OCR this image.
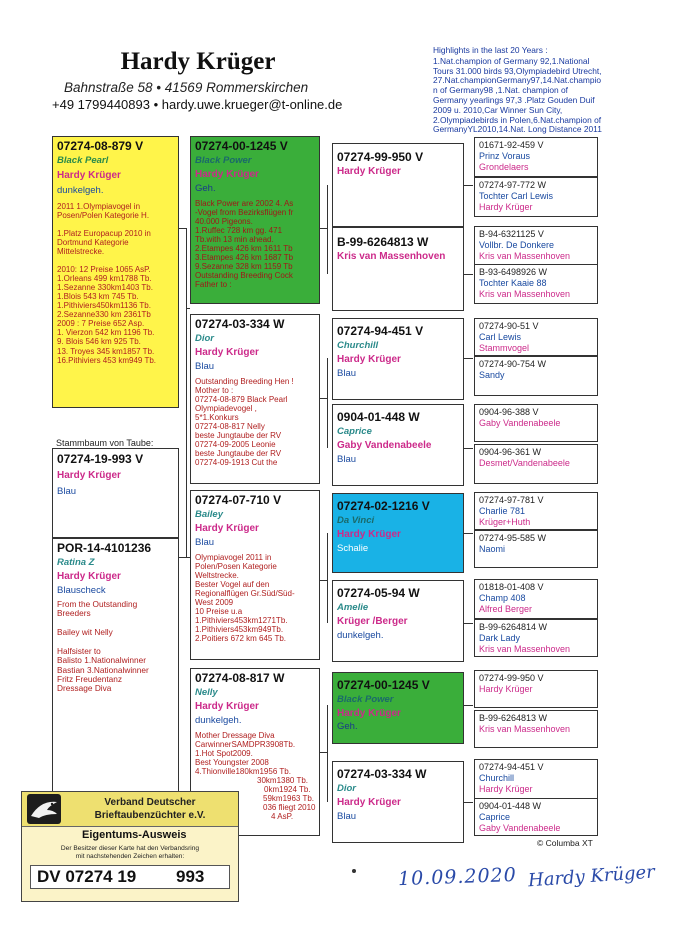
Hardy Krüger
Bahnstraße 58 • 41569 Rommerskirchen
+49 1799440893 • hardy.uwe.krueger@t-online.de
Highlights in the last 20 Years :
1.Nat.champion of Germany 92,1.National
Tours 31.000 birds 93,Olympiadebird Utrecht,
27.Nat.championGermany97,14.Nat.champio
n of Germany98 ,1.Nat. champion of
Germany yearlings 97,3 .Platz Gouden Duif
2009 u. 2010,Car Winner Sun City,
2.Olympiadebirds in Polen,6.Nat.champion of
GermanyYL2010,14.Nat. Long Distance 2011
07274-08-879 V
Black Pearl
Hardy Krüger
dunkelgeh.
2011 1.Olympiavogel in
Posen/Polen Kategorie H.

1.Platz Europacup 2010 in
Dortmund Kategorie
Mittelstrecke.

2010: 12 Preise 1065 AsP.
1.Orleans 499 km1788 Tb.
1.Sezanne 330km1403 Tb.
1.Blois 543 km 745 Tb.
1.Pithiviers450km1136 Tb.
2.Sezanne330 km 2361Tb
2009 : 7 Preise 652 Asp.
1. Vierzon 542 km 1196 Tb.
9. Blois 546 km 925 Tb.
13. Troyes 345 km1857 Tb.
16.Pithiviers 453 km949 Tb.
Stammbaum von Taube:
07274-19-993 V
Hardy Krüger
Blau
POR-14-4101236
Ratina Z
Hardy Krüger
Blauscheck
From the Outstanding
Breeders

Bailey wit Nelly

Halfsister to
Balisto 1.Nationalwinner
Bastian 3.Nationalwinner
Fritz Freudentanz
Dressage Diva
07274-00-1245 V
Black Power
Hardy Krüger
Geh.
Black Power are 2002 4. As
-Vogel from Bezirksflügen fr
40.000 Pigeons.
1.Ruffec 728 km gg. 471
Tb.with 13 min ahead.
2.Etampes 426 km 1611 Tb
3.Etampes 426 km 1687 Tb
9.Sezanne 328 km 1159 Tb
Outstanding Breeding Cock
Father to :
07274-03-334 W
Dior
Hardy Krüger
Blau
Outstanding Breeding Hen !
Mother to :
07274-08-879 Black Pearl
Olympiadevogel ,
5*1.Konkurs
07274-08-817 Nelly
beste Jungtaube der RV
07274-09-2005 Leonie
beste Jungtaube der RV
07274-09-1913 Cut the
07274-07-710 V
Bailey
Hardy Krüger
Blau
Olympiavogel 2011 in
Polen/Posen Kategorie
Weltstrecke.
Bester Vogel auf den
Regionalflügen Gr.Süd/Süd-
West 2009
10 Preise u.a
1.Pithiviers453km1271Tb.
1.Pithiviers453km949Tb.
2.Poitiers 672 km 645 Tb.
07274-08-817 W
Nelly
Hardy Krüger
dunkelgeh.
Mother Dressage Diva
CarwinnerSAMDPR3908Tb.
1.Hot Spot2009.
Best Youngster 2008
4.Thionville180km1956 Tb.
30km1380 Tb.
0km1924 Tb.
59km1963 Tb.
036 fliegt 2010
4 AsP.
07274-99-950 V
Hardy Krüger
B-99-6264813 W
Kris van Massenhoven
07274-94-451 V
Churchill
Hardy Krüger
Blau
0904-01-448 W
Caprice
Gaby Vandenabeele
Blau
07274-02-1216 V
Da Vinci
Hardy Krüger
Schalie
07274-05-94 W
Amelie
Krüger /Berger
dunkelgeh.
07274-00-1245 V
Black Power
Hardy Krüger
Geh.
07274-03-334 W
Dior
Hardy Krüger
Blau
01671-92-459 V
Prinz Voraus
Grondelaers
07274-97-772 W
Tochter Carl Lewis
Hardy Krüger
B-94-6321125 V
Vollbr. De Donkere
Kris van Massenhoven
B-93-6498926 W
Tochter Kaaie 88
Kris van Massenhoven
07274-90-51 V
Carl Lewis
Stammvogel
07274-90-754 W
Sandy
0904-96-388 V
Gaby Vandenabeele
0904-96-361 W
Desmet/Vandenabeele
07274-97-781 V
Charlie 781
Krüger+Huth
07274-95-585 W
Naomi
01818-01-408 V
Champ 408
Alfred Berger
B-99-6264814 W
Dark Lady
Kris van Massenhoven
07274-99-950 V
Hardy Krüger
B-99-6264813 W
Kris van Massenhoven
07274-94-451 V
Churchill
Hardy Krüger
0904-01-448 W
Caprice
Gaby Vandenabeele
© Columba XT
10.09.2020 Hardy Krüger
Verband Deutscher
Brieftaubenzüchter e.V.
Eigentums-Ausweis
Der Besitzer dieser Karte hat den Verbandsring
mit nachstehenden Zeichen erhalten:
DV 07274 19 993
